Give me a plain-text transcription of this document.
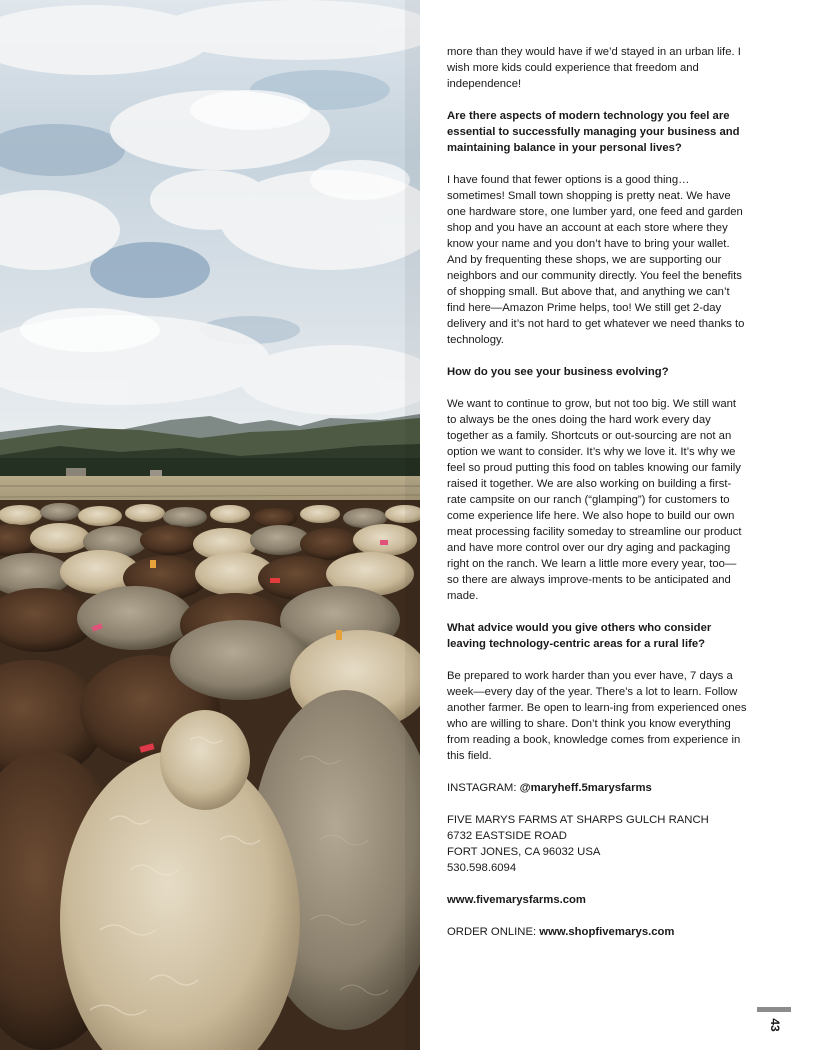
more than they would have if we’d stayed in an urban life. I wish more kids could experience that freedom and independence!

Are there aspects of modern technology you feel are essential to successfully managing your business and maintaining balance in your personal lives?

I have found that fewer options is a good thing… sometimes! Small town shopping is pretty neat. We have one hardware store, one lumber yard, one feed and garden shop and you have an account at each store where they know your name and you don’t have to bring your wallet. And by frequenting these shops, we are supporting our neighbors and our community directly. You feel the benefits of shopping small. But above that, and anything we can’t find here—Amazon Prime helps, too! We still get 2-day delivery and it’s not hard to get whatever we need thanks to technology.

How do you see your business evolving?

We want to continue to grow, but not too big. We still want to always be the ones doing the hard work every day together as a family. Shortcuts or out-sourcing are not an option we want to consider. It’s why we love it. It’s why we feel so proud putting this food on tables knowing our family raised it together. We are also working on building a first-rate campsite on our ranch (“glamping”) for customers to come experience life here. We also hope to build our own meat processing facility someday to streamline our product and have more control over our dry aging and packaging right on the ranch. We learn a little more every year, too—so there are always improve-ments to be anticipated and made.

What advice would you give others who consider leaving technology-centric areas for a rural life?

Be prepared to work harder than you ever have, 7 days a week—every day of the year. There’s a lot to learn. Follow another farmer. Be open to learn-ing from experienced ones who are willing to share. Don’t think you know everything from reading a book, knowledge comes from experience in this field.

INSTAGRAM: @maryheff.5marysfarms

FIVE MARYS FARMS AT SHARPS GULCH RANCH
6732 EASTSIDE ROAD
FORT JONES, CA 96032 USA
530.598.6094

www.fivemarysfarms.com

ORDER ONLINE: www.shopfivemarys.com

43
